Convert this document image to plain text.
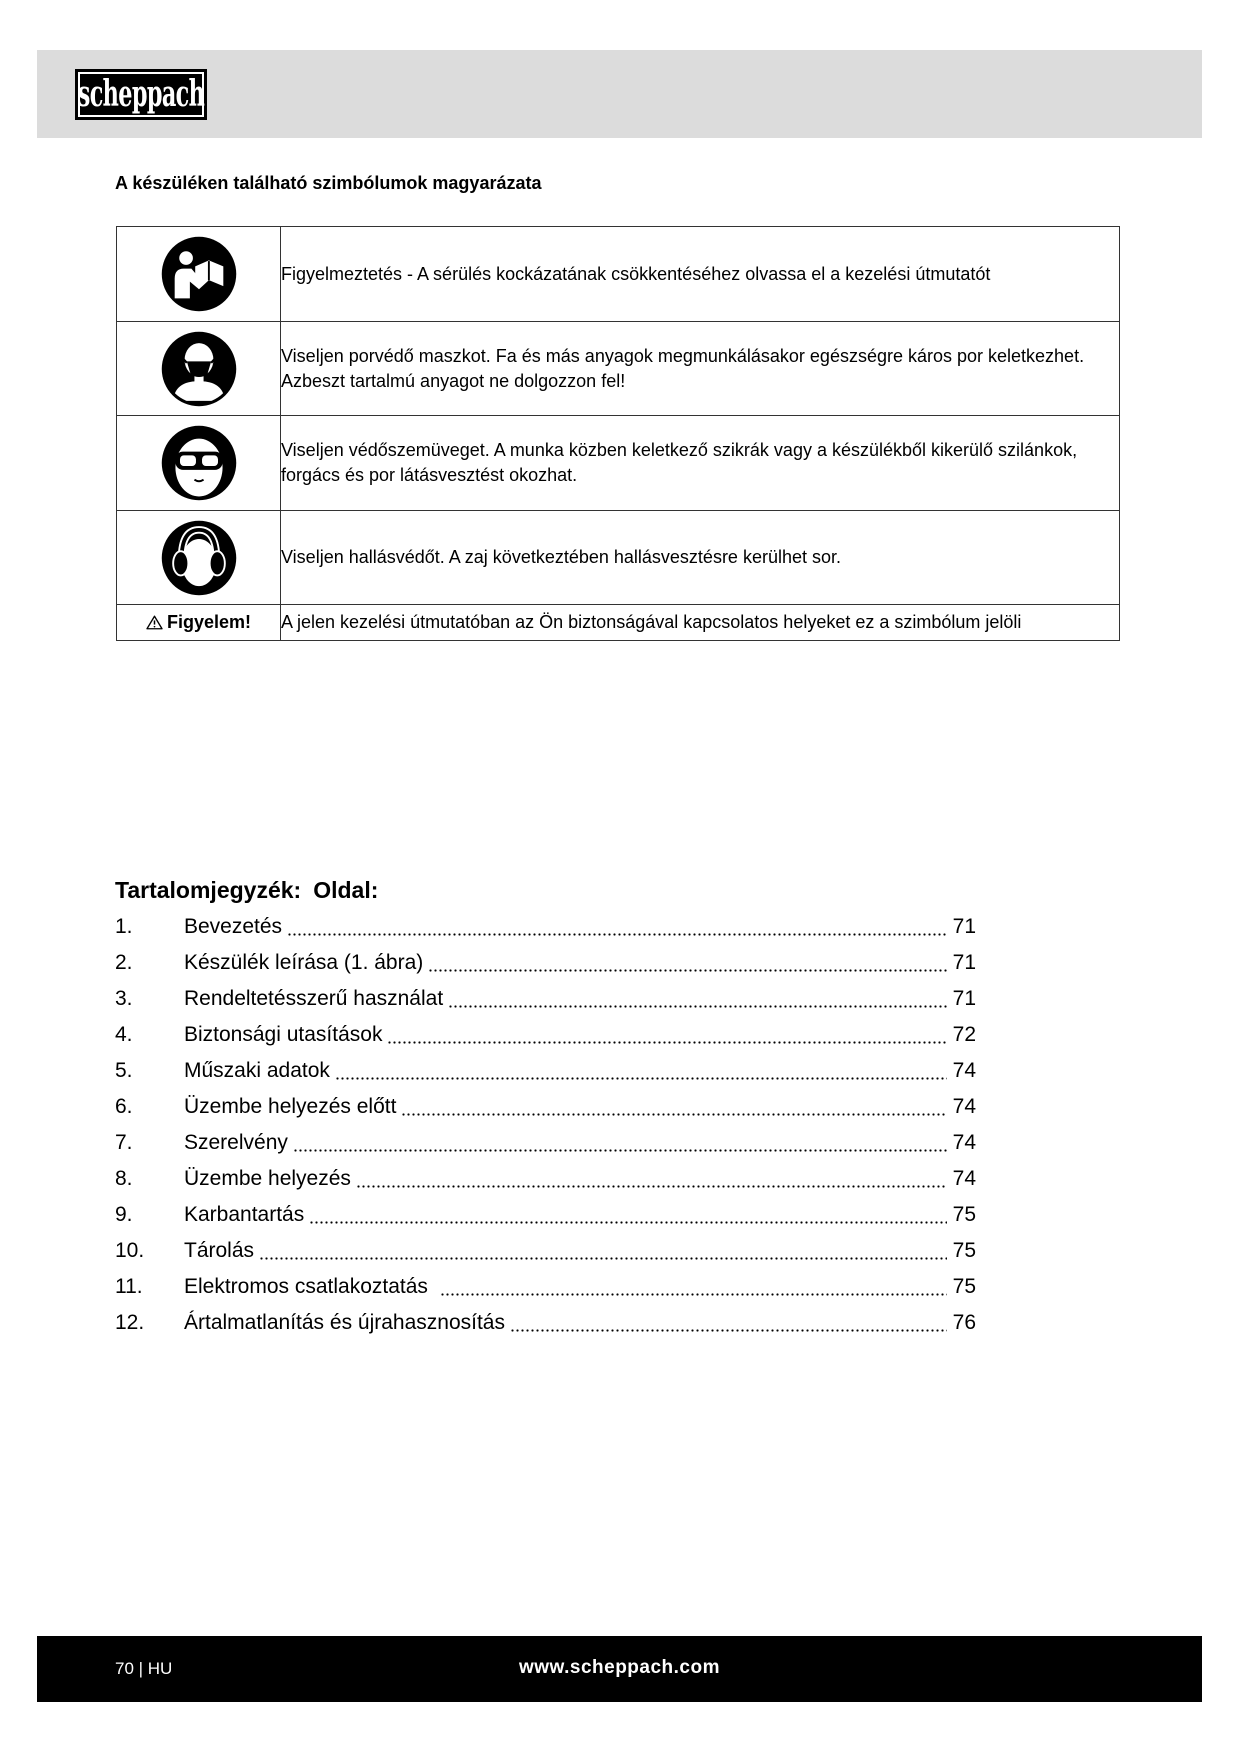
scheppach
A készüléken található szimbólumok magyarázata
	Figyelmeztetés - A sérülés kockázatának csökkentéséhez olvassa el a kezelési útmutatót
	Viseljen porvédő maszkot. Fa és más anyagok megmunkálásakor egészségre káros por keletkezhet. Azbeszt tartalmú anyagot ne dolgozzon fel!
	Viseljen védőszemüveget. A munka közben keletkező szikrák vagy a készülékből kikerülő szilánkok, forgács és por látásvesztést okozhat.
	Viseljen hallásvédőt. A zaj következtében hallásvesztésre kerülhet sor.
Figyelem!	A jelen kezelési útmutatóban az Ön biztonságával kapcsolatos helyeket ez a szimbólum jelöli
Tartalomjegyzék: Oldal:
1.	Bevezetés	71
2.	Készülék leírása (1. ábra)	71
3.	Rendeltetésszerű használat	71
4.	Biztonsági utasítások	72
5.	Műszaki adatok	74
6.	Üzembe helyezés előtt	74
7.	Szerelvény	74
8.	Üzembe helyezés	74
9.	Karbantartás	75
10.	Tárolás	75
11.	Elektromos csatlakoztatás	75
12.	Ártalmatlanítás és újrahasznosítás	76
70 | HU	www.scheppach.com
